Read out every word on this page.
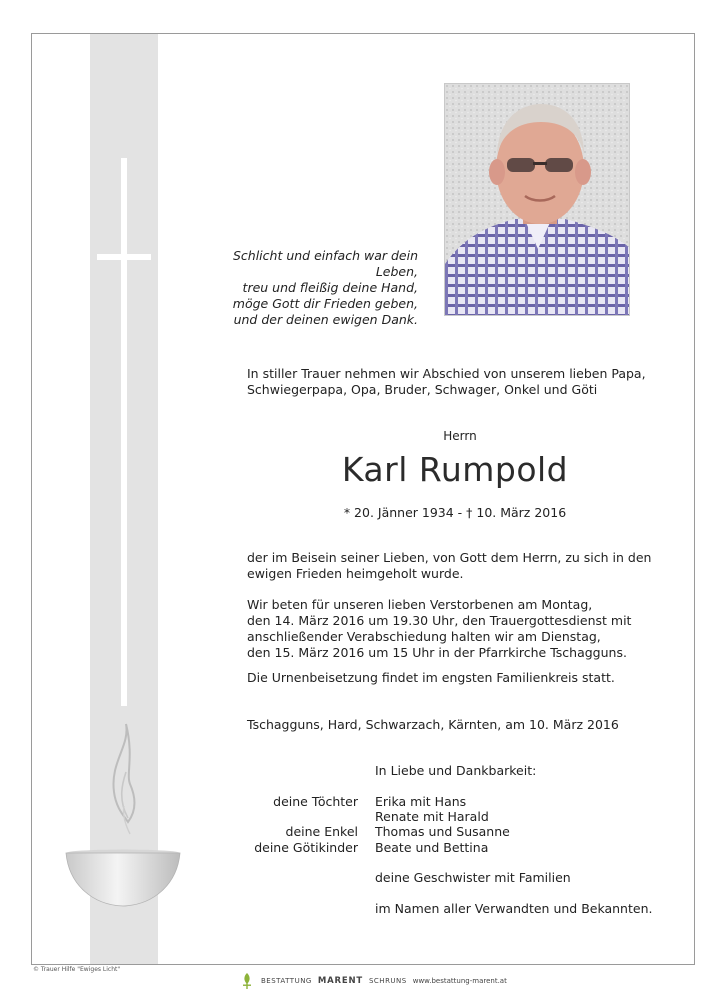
Schlicht und einfach war dein Leben,
treu und fleißig deine Hand,
möge Gott dir Frieden geben,
und der deinen ewigen Dank.
In stiller Trauer nehmen wir Abschied von unserem lieben Papa,
Schwiegerpapa, Opa, Bruder, Schwager, Onkel und Göti
Herrn
Karl Rumpold
* 20. Jänner 1934 - † 10. März 2016
der im Beisein seiner Lieben, von Gott dem Herrn, zu sich in den
ewigen Frieden heimgeholt wurde.
Wir beten für unseren lieben Verstorbenen am Montag,
den 14. März 2016 um 19.30 Uhr, den Trauergottesdienst mit
anschließender Verabschiedung halten wir am Dienstag,
den 15. März 2016 um 15 Uhr in der Pfarrkirche Tschagguns.
Die Urnenbeisetzung findet im engsten Familienkreis statt.
Tschagguns, Hard, Schwarzach, Kärnten, am 10. März 2016
In Liebe und Dankbarkeit:
deine Töchter Erika mit Hans
Renate mit Harald
deine Enkel Thomas und Susanne
deine Götikinder Beate und Bettina
deine Geschwister mit Familien
im Namen aller Verwandten und Bekannten.
© Trauer Hilfe "Ewiges Licht"
BESTATTUNG MARENT SCHRUNS www.bestattung-marent.at
